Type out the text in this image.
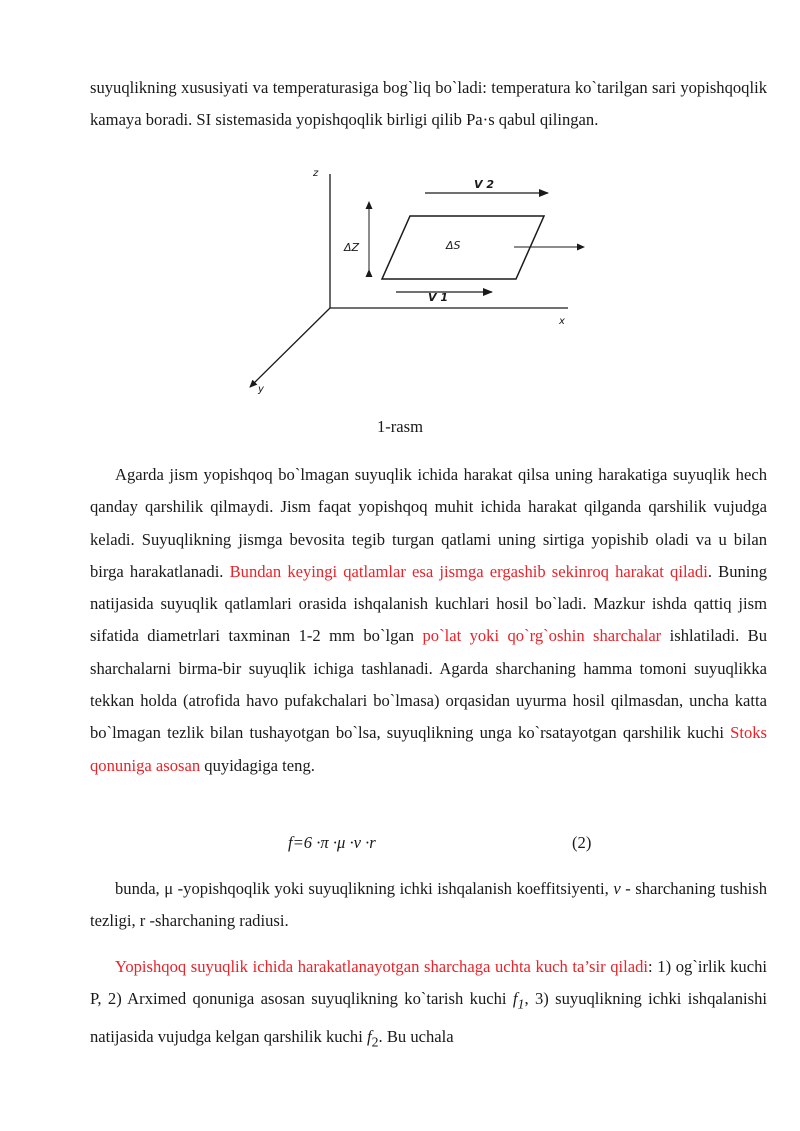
suyuqlikning xususiyati va temperaturasiga bog`liq bo`ladi: temperatura ko`tarilgan sari yopishqoqlik kamaya boradi. SI sistemasida yopishqoqlik birligi qilib Pa·s qabul qilingan.

z
x
y
V 2
ΔS
ΔZ
V 1

1-rasm

Agarda jism yopishqoq bo`lmagan suyuqlik ichida harakat qilsa uning harakatiga suyuqlik hech qanday qarshilik qilmaydi. Jism faqat yopishqoq muhit ichida harakat qilganda qarshilik vujudga keladi. Suyuqlikning jismga bevosita tegib turgan qatlami uning sirtiga yopishib oladi va u bilan birga harakatlanadi. Bundan keyingi qatlamlar esa jismga ergashib sekinroq harakat qiladi. Buning natijasida suyuqlik qatlamlari orasida ishqalanish kuchlari hosil bo`ladi. Mazkur ishda qattiq jism sifatida diametrlari taxminan 1-2 mm bo`lgan po`lat yoki qo`rg`oshin sharchalar ishlatiladi. Bu sharchalarni birma-bir suyuqlik ichiga tashlanadi. Agarda sharchaning hamma tomoni suyuqlikka tekkan holda (atrofida havo pufakchalari bo`lmasa) orqasidan uyurma hosil qilmasdan, uncha katta bo`lmagan tezlik bilan tushayotgan bo`lsa, suyuqlikning unga ko`rsatayotgan qarshilik kuchi Stoks qonuniga asosan quyidagiga teng.

f=6 ·π ·μ ·v ·r	(2)

bunda, μ -yopishqoqlik yoki suyuqlikning ichki ishqalanish koeffitsiyenti, v - sharchaning tushish tezligi, r -sharchaning radiusi.

Yopishqoq suyuqlik ichida harakatlanayotgan sharchaga uchta kuch ta’sir qiladi: 1) og`irlik kuchi P, 2) Arximed qonuniga asosan suyuqlikning ko`tarish kuchi $f_1$, 3) suyuqlikning ichki ishqalanishi natijasida vujudga kelgan qarshilik kuchi $f_2$. Bu uchala
